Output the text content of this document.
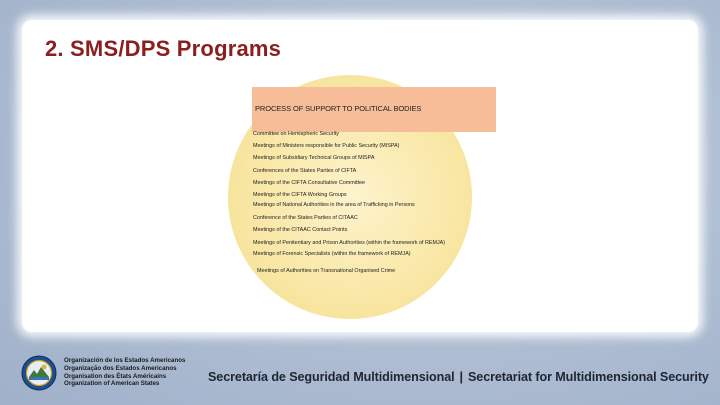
2. SMS/DPS Programs
PROCESS OF SUPPORT TO POLITICAL BODIES
Committee on Hemispheric Security
Meetings of Ministers responsible for Public Security (MISPA)
Meetings of Subsidiary Technical Groups of MISPA
Conferences of the States Parties of CIFTA
Meetings of the CIFTA Consultative Committee
Meetings of the CIFTA Working Groups
Meetings of National Authorities in the area of Trafficking in Persons
Conference of the States Parties of CITAAC
Meetings of the CITAAC Contact Points
Meetings of Penitentiary and Prison Authorities (within the framework of REMJA)
Meetings of Forensic Specialists (within the framework of REMJA)
Meetings of Authorities on Transnational Organised Crime
Organización de los Estados Americanos
Organização dos Estados Americanos
Organisation des États Américains
Organization of American States	Secretaría de Seguridad Multidimensional | Secretariat for Multidimensional Security
